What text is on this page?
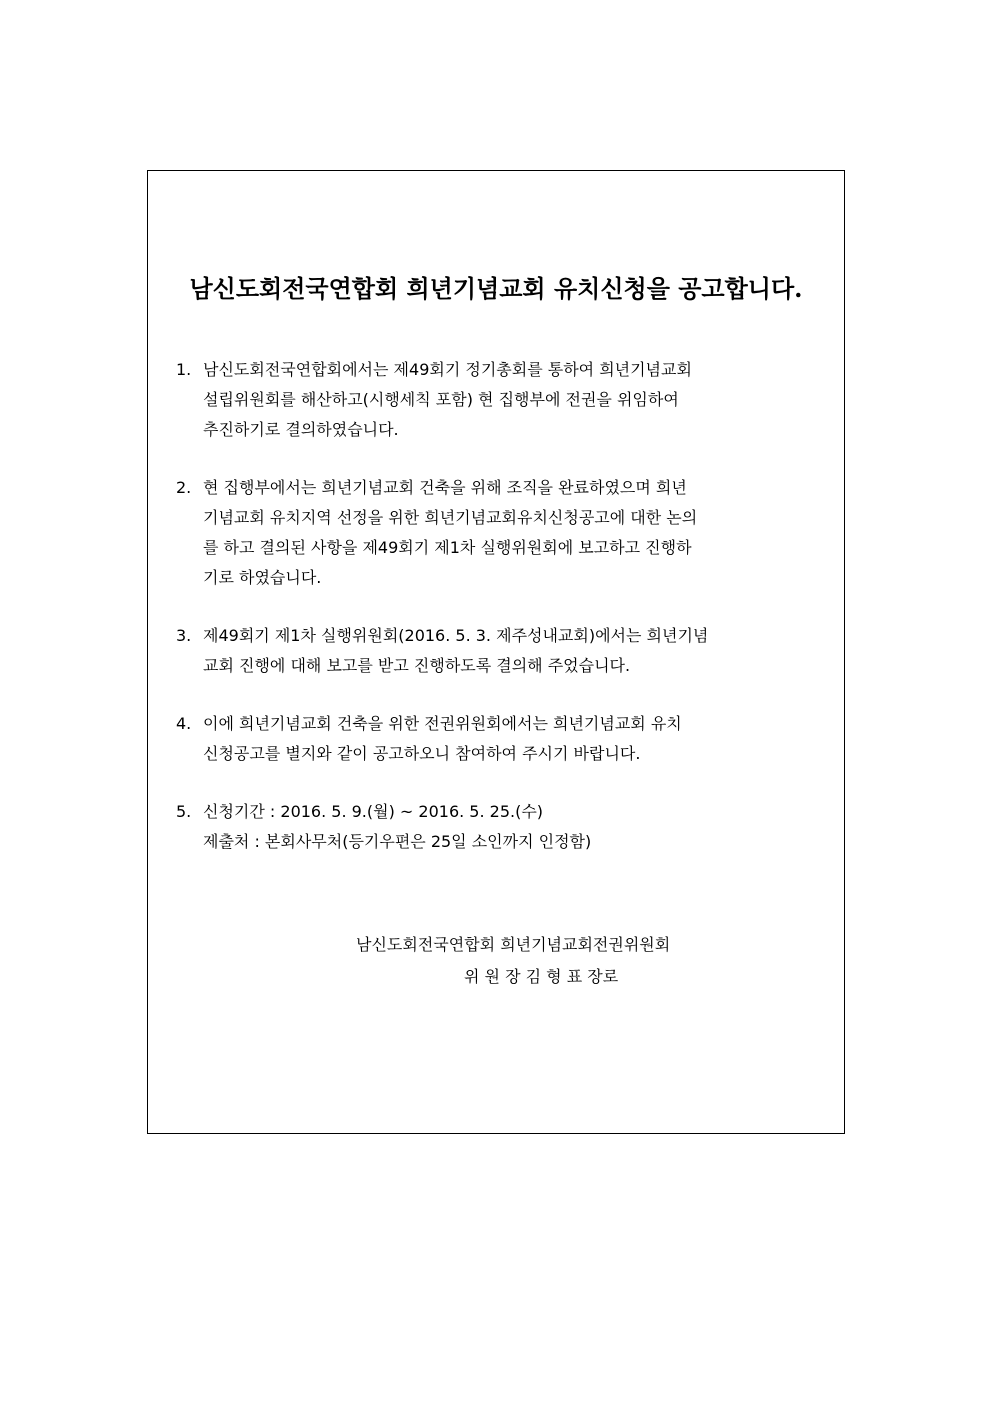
남신도회전국연합회 희년기념교회 유치신청을 공고합니다.
1. 남신도회전국연합회에서는 제49회기 정기총회를 통하여 희년기념교회
설립위원회를 해산하고(시행세칙 포함) 현 집행부에 전권을 위임하여
추진하기로 결의하였습니다.
2. 현 집행부에서는 희년기념교회 건축을 위해 조직을 완료하였으며 희년
기념교회 유치지역 선정을 위한 희년기념교회유치신청공고에 대한 논의
를 하고 결의된 사항을 제49회기 제1차 실행위원회에 보고하고 진행하
기로 하였습니다.
3. 제49회기 제1차 실행위원회(2016. 5. 3. 제주성내교회)에서는 희년기념
교회 진행에 대해 보고를 받고 진행하도록 결의해 주었습니다.
4. 이에 희년기념교회 건축을 위한 전권위원회에서는 희년기념교회 유치
신청공고를 별지와 같이 공고하오니 참여하여 주시기 바랍니다.
5. 신청기간 : 2016. 5. 9.(월) ~ 2016. 5. 25.(수)
제출처 : 본회사무처(등기우편은 25일 소인까지 인정함)
남신도회전국연합회 희년기념교회전권위원회
위 원 장 김 형 표 장로
